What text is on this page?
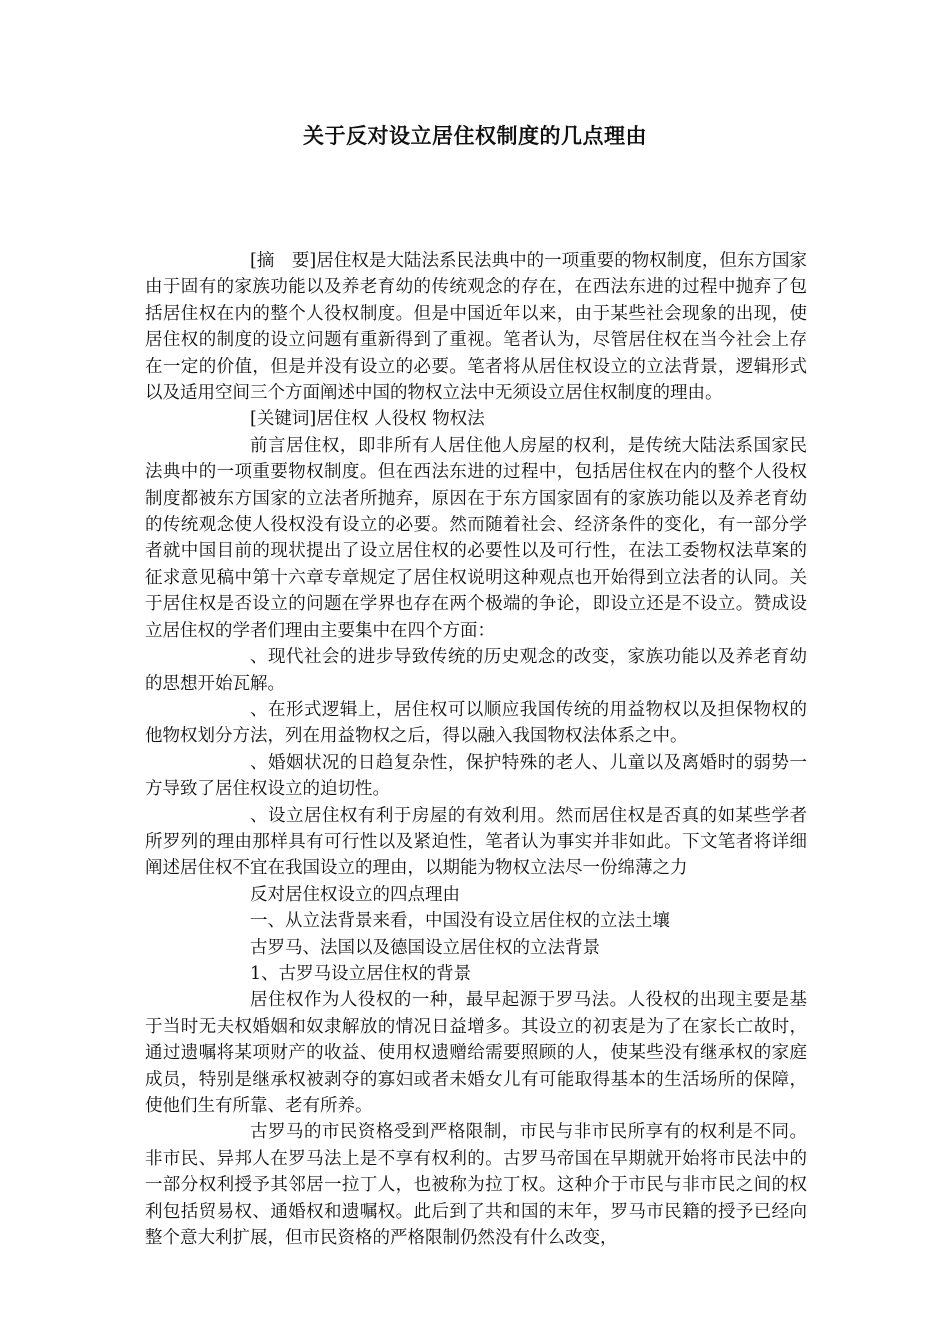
关于反对设立居住权制度的几点理由

[摘　要]居住权是大陆法系民法典中的一项重要的物权制度，但东方国家由于固有的家族功能以及养老育幼的传统观念的存在，在西法东进的过程中抛弃了包括居住权在内的整个人役权制度。但是中国近年以来，由于某些社会现象的出现，使居住权的制度的设立问题有重新得到了重视。笔者认为，尽管居住权在当今社会上存在一定的价值，但是并没有设立的必要。笔者将从居住权设立的立法背景，逻辑形式以及适用空间三个方面阐述中国的物权立法中无须设立居住权制度的理由。

[关键词]居住权 人役权 物权法

前言居住权，即非所有人居住他人房屋的权利，是传统大陆法系国家民法典中的一项重要物权制度。但在西法东进的过程中，包括居住权在内的整个人役权制度都被东方国家的立法者所抛弃，原因在于东方国家固有的家族功能以及养老育幼的传统观念使人役权没有设立的必要。然而随着社会、经济条件的变化，有一部分学者就中国目前的现状提出了设立居住权的必要性以及可行性，在法工委物权法草案的征求意见稿中第十六章专章规定了居住权说明这种观点也开始得到立法者的认同。关于居住权是否设立的问题在学界也存在两个极端的争论，即设立还是不设立。赞成设立居住权的学者们理由主要集中在四个方面：

、现代社会的进步导致传统的历史观念的改变，家族功能以及养老育幼的思想开始瓦解。

、在形式逻辑上，居住权可以顺应我国传统的用益物权以及担保物权的他物权划分方法，列在用益物权之后，得以融入我国物权法体系之中。

、婚姻状况的日趋复杂性，保护特殊的老人、儿童以及离婚时的弱势一方导致了居住权设立的迫切性。

、设立居住权有利于房屋的有效利用。然而居住权是否真的如某些学者所罗列的理由那样具有可行性以及紧迫性，笔者认为事实并非如此。下文笔者将详细阐述居住权不宜在我国设立的理由，以期能为物权立法尽一份绵薄之力

反对居住权设立的四点理由

一、从立法背景来看，中国没有设立居住权的立法土壤

古罗马、法国以及德国设立居住权的立法背景

1、古罗马设立居住权的背景

居住权作为人役权的一种，最早起源于罗马法。人役权的出现主要是基于当时无夫权婚姻和奴隶解放的情况日益增多。其设立的初衷是为了在家长亡故时，通过遗嘱将某项财产的收益、使用权遗赠给需要照顾的人，使某些没有继承权的家庭成员，特别是继承权被剥夺的寡妇或者未婚女儿有可能取得基本的生活场所的保障，使他们生有所靠、老有所养。

古罗马的市民资格受到严格限制，市民与非市民所享有的权利是不同。非市民、异邦人在罗马法上是不享有权利的。古罗马帝国在早期就开始将市民法中的一部分权利授予其邻居一拉丁人，也被称为拉丁权。这种介于市民与非市民之间的权利包括贸易权、通婚权和遗嘱权。此后到了共和国的末年，罗马市民籍的授予已经向整个意大利扩展，但市民资格的严格限制仍然没有什么改变，
